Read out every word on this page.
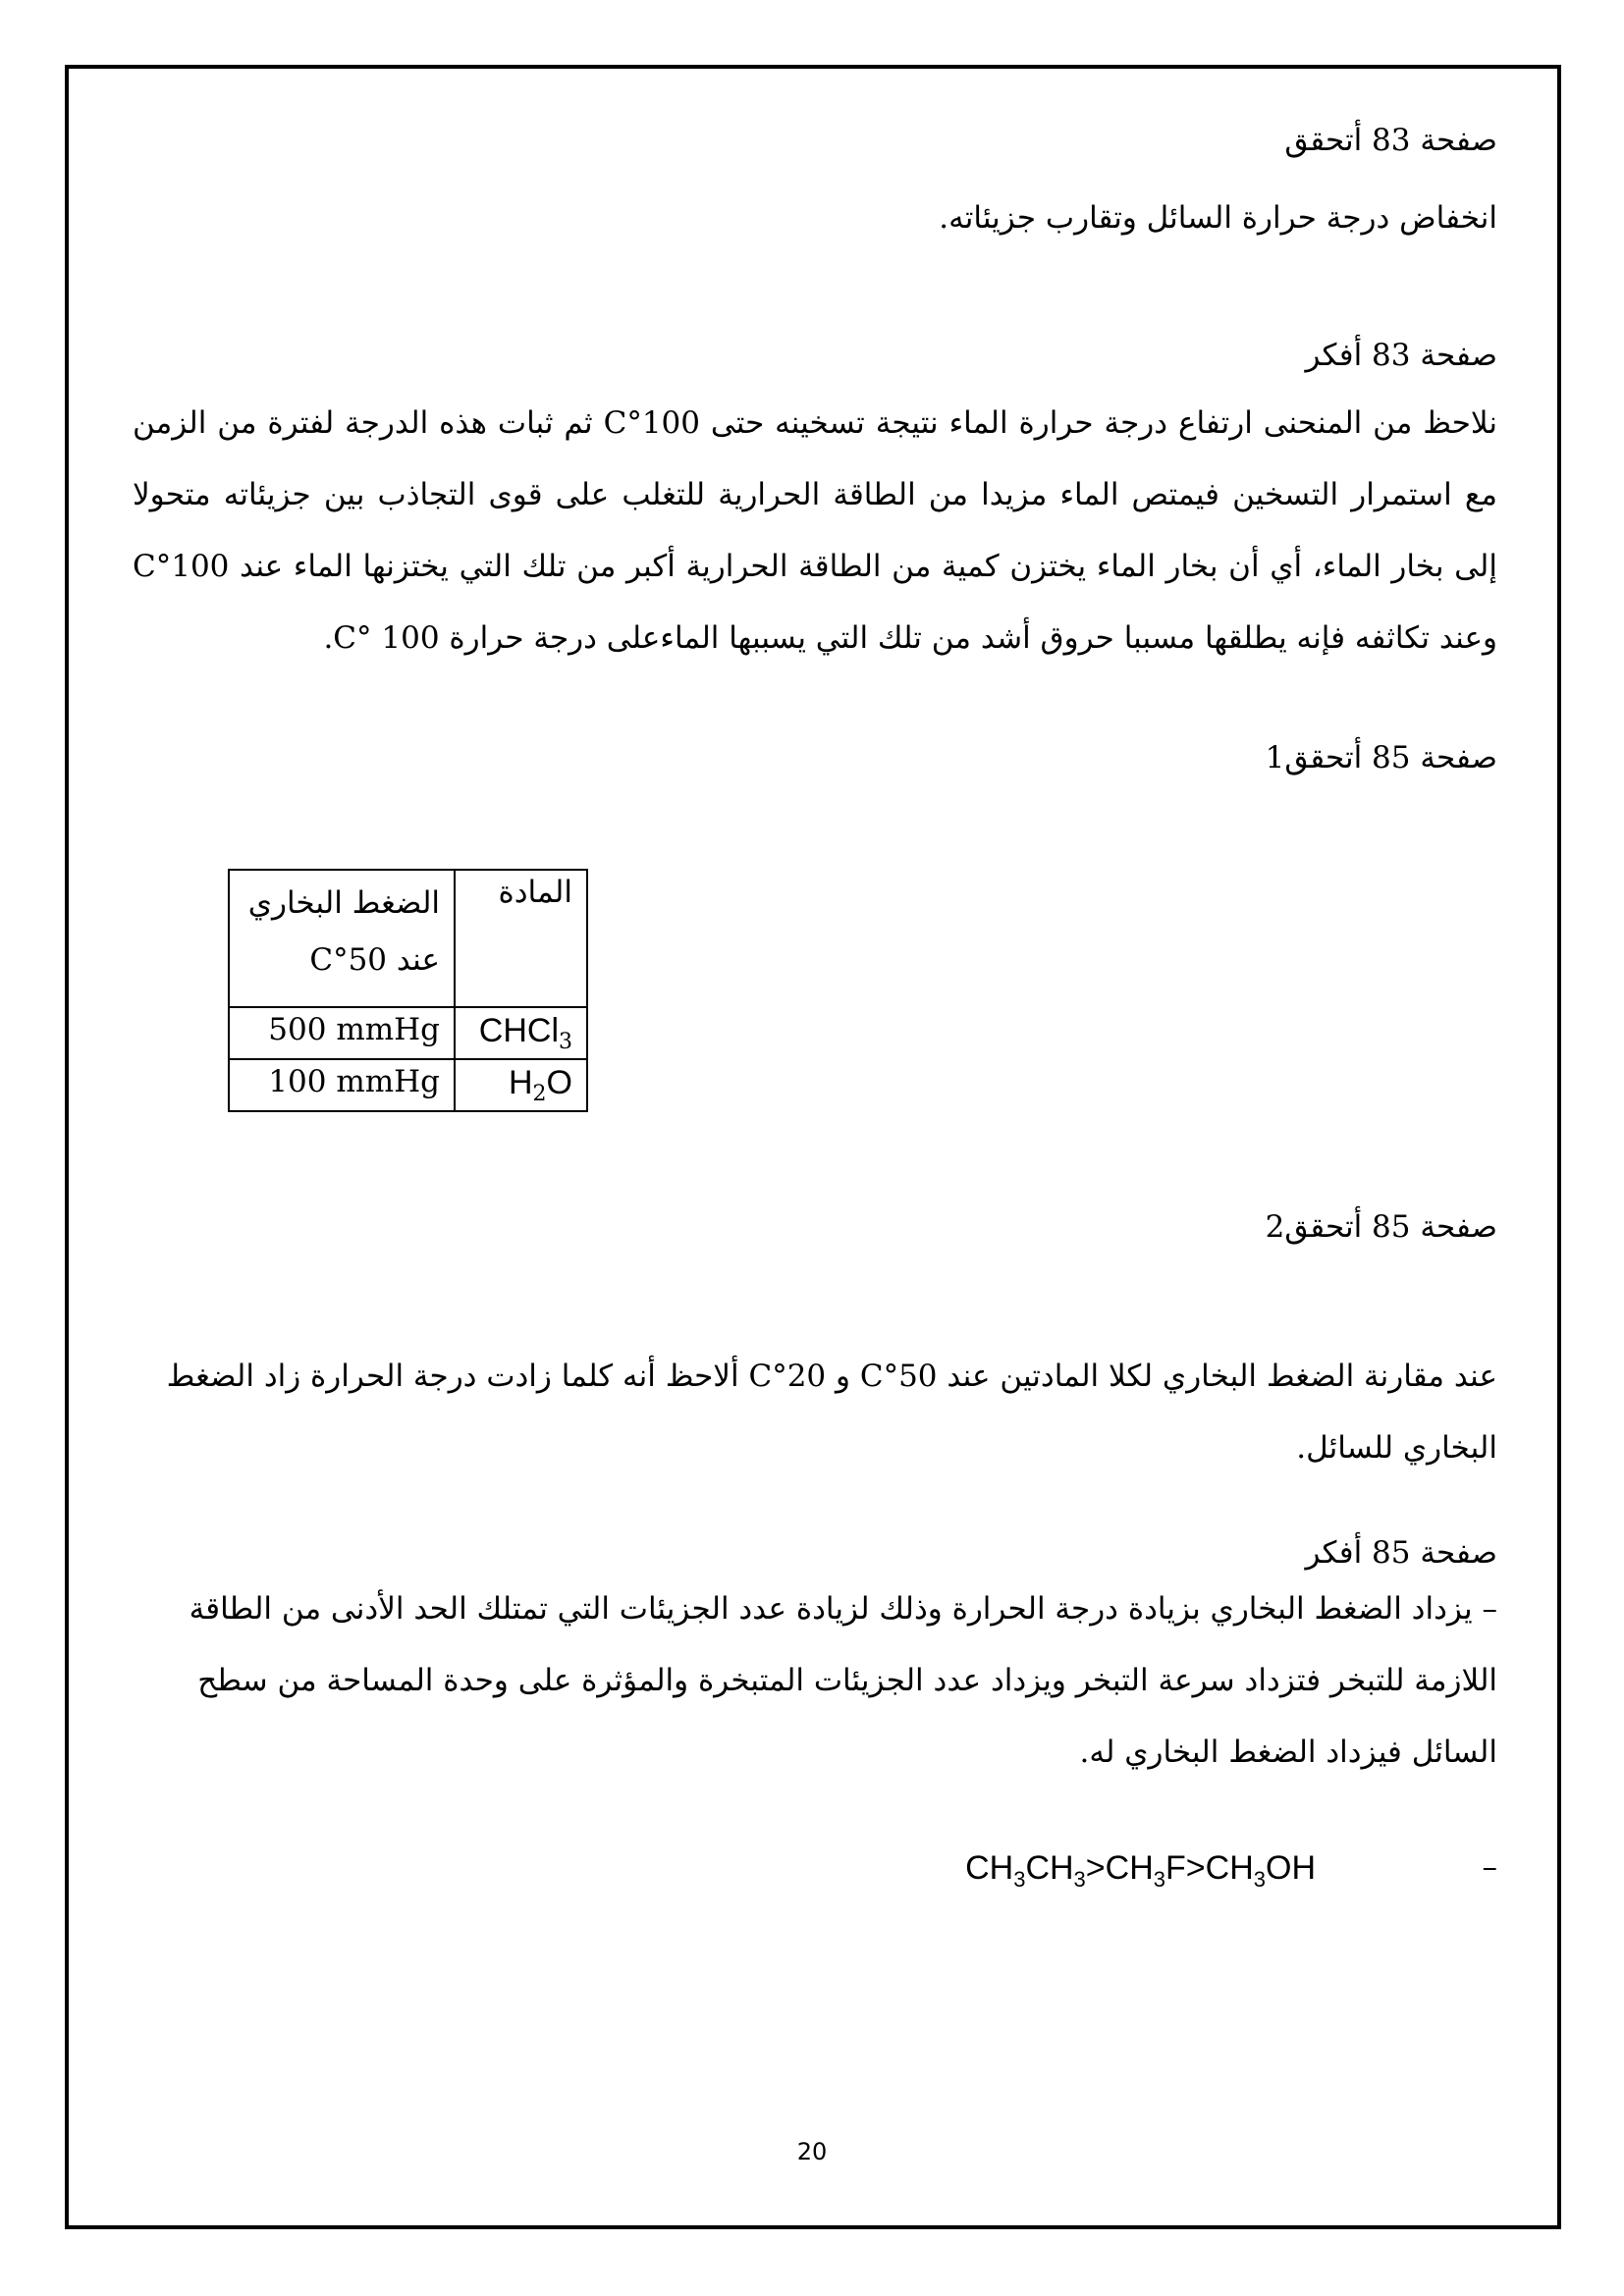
صفحة 83 أتحقق
انخفاض درجة حرارة السائل وتقارب جزيئاته.
صفحة 83 أفكر
نلاحظ من المنحنى ارتفاع درجة حرارة الماء نتيجة تسخينه حتى 100°C ثم ثبات هذه الدرجة لفترة من الزمن مع استمرار التسخين فيمتص الماء مزيدا من الطاقة الحرارية للتغلب على قوى التجاذب بين جزيئاته متحولا إلى بخار الماء، أي أن بخار الماء يختزن كمية من الطاقة الحرارية أكبر من تلك التي يختزنها الماء عند 100°C وعند تكاثفه فإنه يطلقها مسببا حروق أشد من تلك التي يسببها الماءعلى درجة حرارة 100 °C.
صفحة 85 أتحقق1
المادة	الضغط البخاري عند 50°C
CHCl$_3$	500 mmHg
$H_2O$	100 mmHg
صفحة 85 أتحقق2
عند مقارنة الضغط البخاري لكلا المادتين عند 50°C و 20°C ألاحظ أنه كلما زادت درجة الحرارة زاد الضغط البخاري للسائل.
صفحة 85 أفكر
– يزداد الضغط البخاري بزيادة درجة الحرارة وذلك لزيادة عدد الجزيئات التي تمتلك الحد الأدنى من الطاقة اللازمة للتبخر فتزداد سرعة التبخر ويزداد عدد الجزيئات المتبخرة والمؤثرة على وحدة المساحة من سطح السائل فيزداد الضغط البخاري له.
–
$CH_3CH_3>CH_3F>CH_3OH$
20
